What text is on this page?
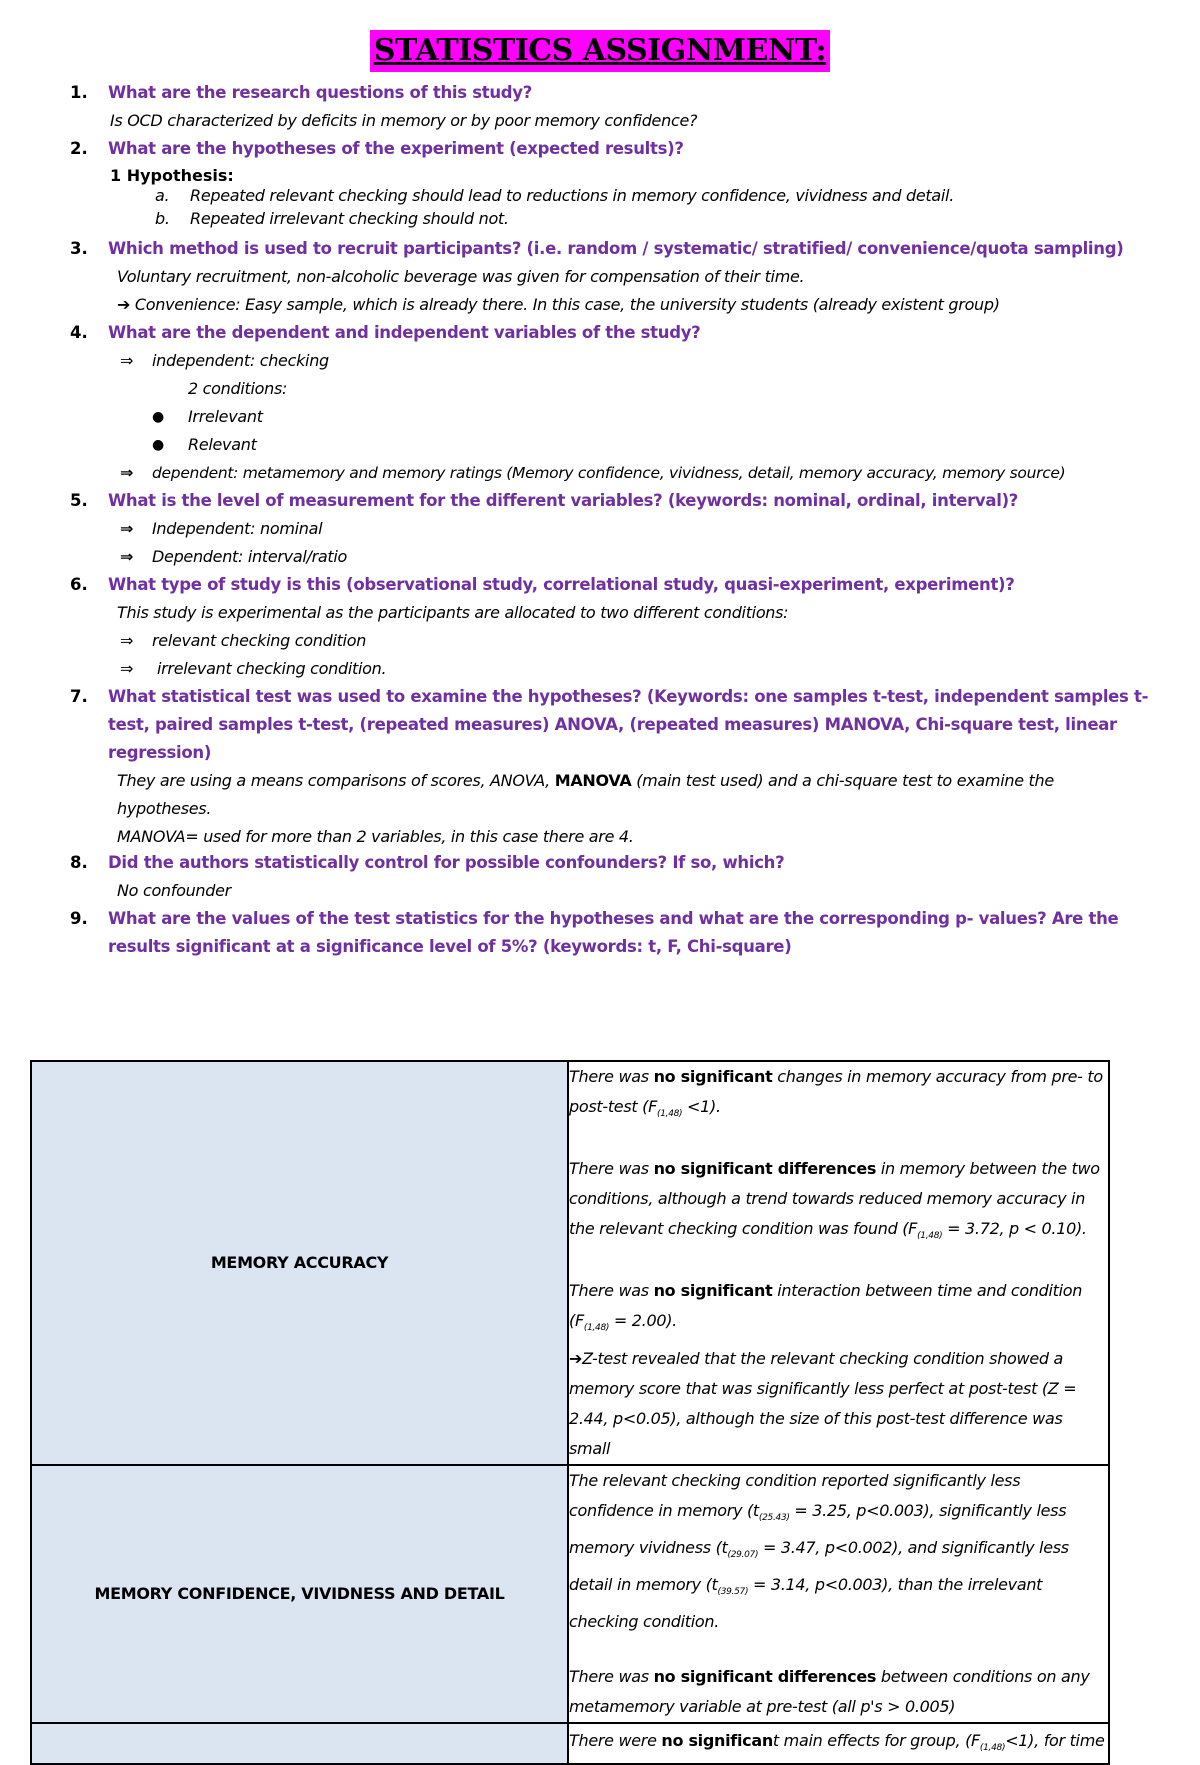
STATISTICS ASSIGNMENT:
1. What are the research questions of this study?
Is OCD characterized by deficits in memory or by poor memory confidence?
2. What are the hypotheses of the experiment (expected results)?
1 Hypothesis:
a. Repeated relevant checking should lead to reductions in memory confidence, vividness and detail.
b. Repeated irrelevant checking should not.
3. Which method is used to recruit participants? (i.e. random / systematic/ stratified/ convenience/quota sampling)
Voluntary recruitment, non-alcoholic beverage was given for compensation of their time.
➔ Convenience: Easy sample, which is already there. In this case, the university students (already existent group)
4. What are the dependent and independent variables of the study?
⇒ independent: checking
2 conditions:
● Irrelevant
● Relevant
⇒ dependent: metamemory and memory ratings (Memory confidence, vividness, detail, memory accuracy, memory source)
5. What is the level of measurement for the different variables? (keywords: nominal, ordinal, interval)?
⇒ Independent: nominal
⇒ Dependent: interval/ratio
6. What type of study is this (observational study, correlational study, quasi-experiment, experiment)?
This study is experimental as the participants are allocated to two different conditions:
⇒ relevant checking condition
⇒ irrelevant checking condition.
7. What statistical test was used to examine the hypotheses? (Keywords: one samples t-test, independent samples t-
test, paired samples t-test, (repeated measures) ANOVA, (repeated measures) MANOVA, Chi-square test, linear
regression)
They are using a means comparisons of scores, ANOVA, MANOVA (main test used) and a chi-square test to examine the
hypotheses.
MANOVA= used for more than 2 variables, in this case there are 4.
8. Did the authors statistically control for possible confounders? If so, which?
No confounder
9. What are the values of the test statistics for the hypotheses and what are the corresponding p- values? Are the
results significant at a significance level of 5%? (keywords: t, F, Chi-square)
MEMORY ACCURACY	There was no significant changes in memory accuracy from pre- to post-test $(F_{(1,48)} <1)$.

There was no significant differences in memory between the two conditions, although a trend towards reduced memory accuracy in the relevant checking condition was found ($F_{(1,48)} = 3.72$, p < 0.10).

There was no significant interaction between time and condition $(F_{(1,48)} = 2.00)$.
➔Z-test revealed that the relevant checking condition showed a memory score that was significantly less perfect at post-test (Z = 2.44, p<0.05), although the size of this post-test difference was small

MEMORY CONFIDENCE, VIVIDNESS AND DETAIL	The relevant checking condition reported significantly less confidence in memory ($t_{(25.43)} = 3.25$, p<0.003), significantly less memory vividness ($t_{(29.07)} = 3.47$, p<0.002), and significantly less detail in memory ($t_{(39.57)} = 3.14$, p<0.003), than the irrelevant checking condition.

There was no significant differences between conditions on any metamemory variable at pre-test (all p's > 0.005)

	There were no significant main effects for group, $(F_{(1,48)}<1)$, for time
